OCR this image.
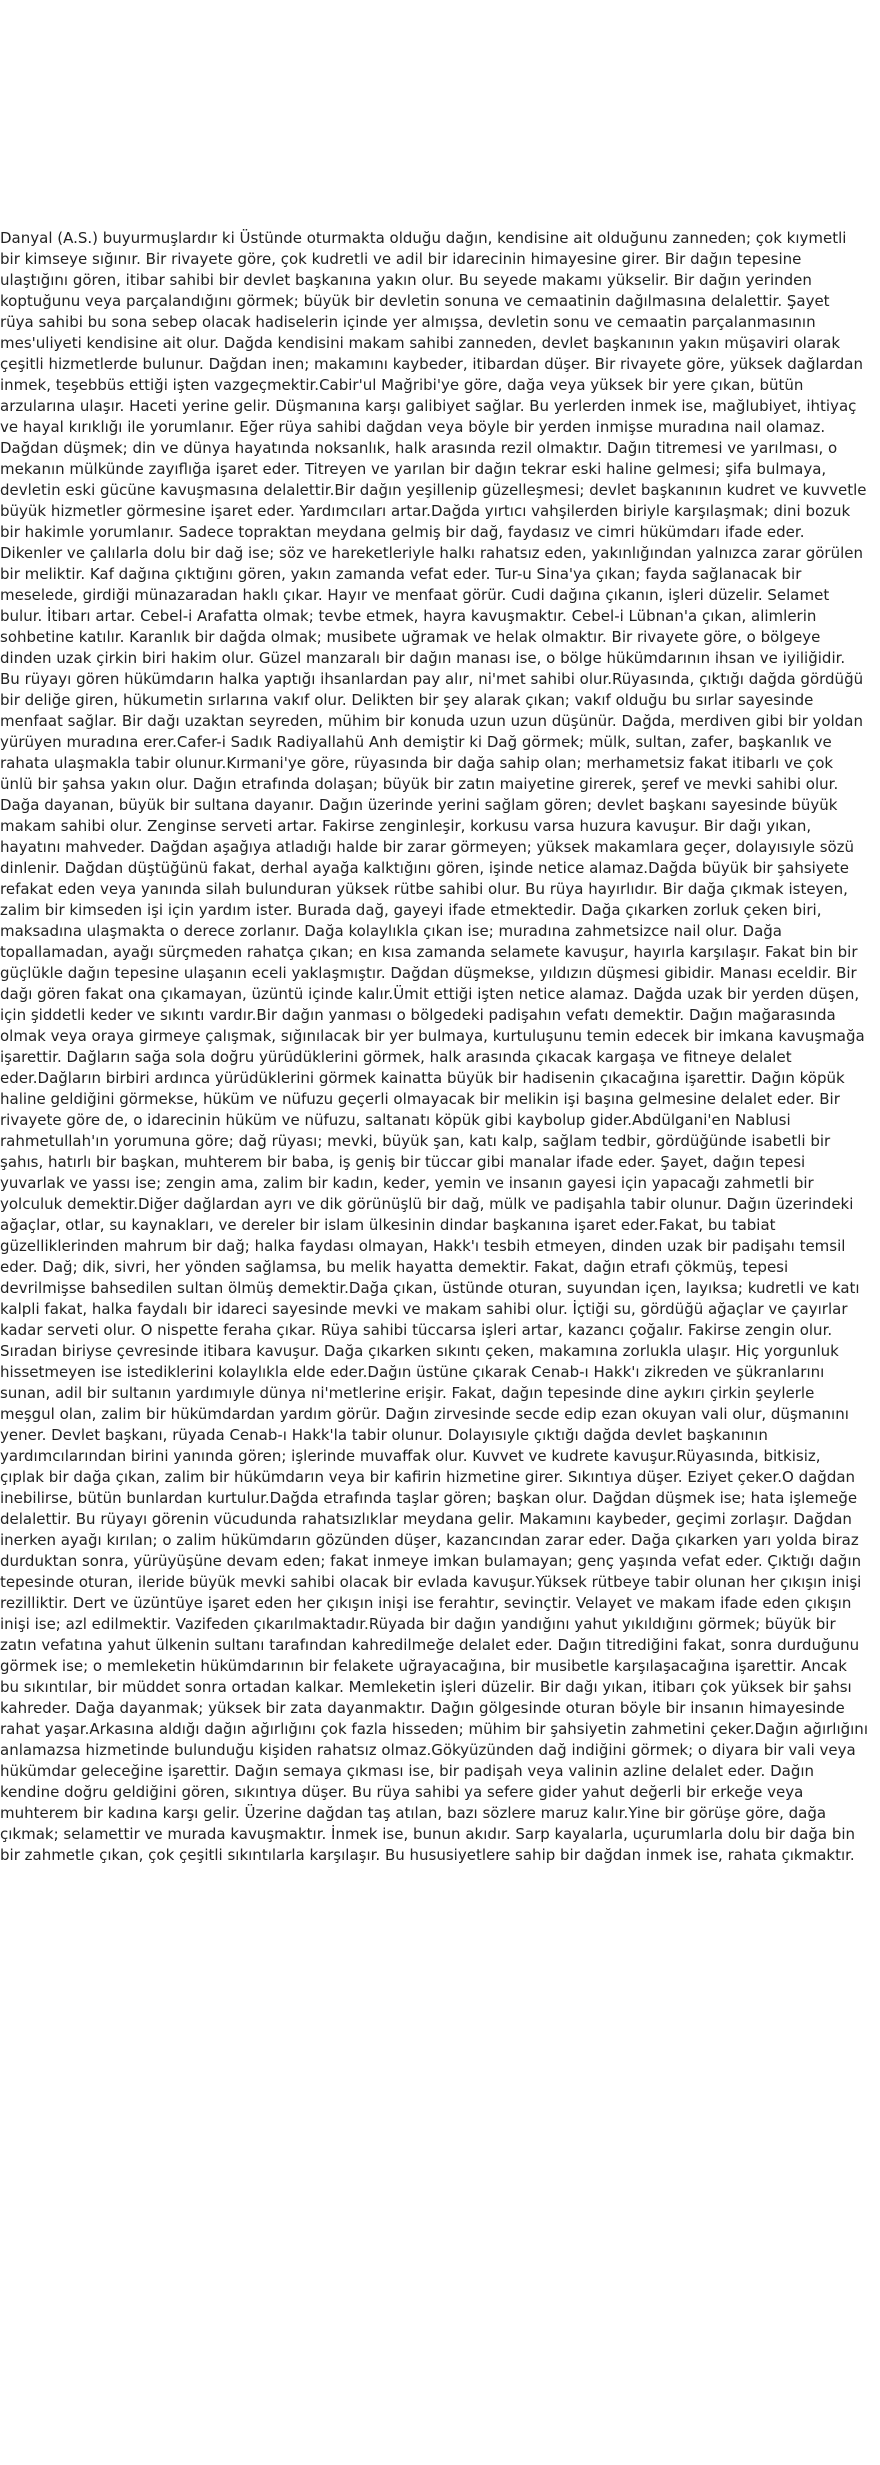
Danyal (A.S.) buyurmuşlardır ki Üstünde oturmakta olduğu dağın, kendisine ait olduğunu zanneden; çok kıymetli bir kimseye sığınır. Bir rivayete göre, çok kudretli ve adil bir idarecinin himayesine girer. Bir dağın tepesine ulaştığını gören, itibar sahibi bir devlet başkanına yakın olur. Bu seyede makamı yükselir. Bir dağın yerinden koptuğunu veya parçalandığını görmek; büyük bir devletin sonuna ve cemaatinin dağılmasına delalettir. Şayet rüya sahibi bu sona sebep olacak hadiselerin içinde yer almışsa, devletin sonu ve cemaatin parçalanmasının mes'uliyeti kendisine ait olur. Dağda kendisini makam sahibi zanneden, devlet başkanının yakın müşaviri olarak çeşitli hizmetlerde bulunur. Dağdan inen; makamını kaybeder, itibardan düşer. Bir rivayete göre, yüksek dağlardan inmek, teşebbüs ettiği işten vazgeçmektir.Cabir'ul Mağribi'ye göre, dağa veya yüksek bir yere çıkan, bütün arzularına ulaşır. Haceti yerine gelir. Düşmanına karşı galibiyet sağlar. Bu yerlerden inmek ise, mağlubiyet, ihtiyaç ve hayal kırıklığı ile yorumlanır. Eğer rüya sahibi dağdan veya böyle bir yerden inmişse muradına nail olamaz. Dağdan düşmek; din ve dünya hayatında noksanlık, halk arasında rezil olmaktır. Dağın titremesi ve yarılması, o mekanın mülkünde zayıflığa işaret eder. Titreyen ve yarılan bir dağın tekrar eski haline gelmesi; şifa bulmaya, devletin eski gücüne kavuşmasına delalettir.Bir dağın yeşillenip güzelleşmesi; devlet başkanının kudret ve kuvvetle büyük hizmetler görmesine işaret eder. Yardımcıları artar.Dağda yırtıcı vahşilerden biriyle karşılaşmak; dini bozuk bir hakimle yorumlanır. Sadece topraktan meydana gelmiş bir dağ, faydasız ve cimri hükümdarı ifade eder. Dikenler ve çalılarla dolu bir dağ ise; söz ve hareketleriyle halkı rahatsız eden, yakınlığından yalnızca zarar görülen bir meliktir. Kaf dağına çıktığını gören, yakın zamanda vefat eder. Tur-u Sina'ya çıkan; fayda sağlanacak bir meselede, girdiği münazaradan haklı çıkar. Hayır ve menfaat görür. Cudi dağına çıkanın, işleri düzelir. Selamet bulur. İtibarı artar. Cebel-i Arafatta olmak; tevbe etmek, hayra kavuşmaktır. Cebel-i Lübnan'a çıkan, alimlerin sohbetine katılır. Karanlık bir dağda olmak; musibete uğramak ve helak olmaktır. Bir rivayete göre, o bölgeye dinden uzak çirkin biri hakim olur. Güzel manzaralı bir dağın manası ise, o bölge hükümdarının ihsan ve iyiliğidir. Bu rüyayı gören hükümdarın halka yaptığı ihsanlardan pay alır, ni'met sahibi olur.Rüyasında, çıktığı dağda gördüğü bir deliğe giren, hükumetin sırlarına vakıf olur. Delikten bir şey alarak çıkan; vakıf olduğu bu sırlar sayesinde menfaat sağlar. Bir dağı uzaktan seyreden, mühim bir konuda uzun uzun düşünür. Dağda, merdiven gibi bir yoldan yürüyen muradına erer.Cafer-i Sadık Radiyallahü Anh demiştir ki Dağ görmek; mülk, sultan, zafer, başkanlık ve rahata ulaşmakla tabir olunur.Kırmani'ye göre, rüyasında bir dağa sahip olan; merhametsiz fakat itibarlı ve çok ünlü bir şahsa yakın olur. Dağın etrafında dolaşan; büyük bir zatın maiyetine girerek, şeref ve mevki sahibi olur. Dağa dayanan, büyük bir sultana dayanır. Dağın üzerinde yerini sağlam gören; devlet başkanı sayesinde büyük makam sahibi olur. Zenginse serveti artar. Fakirse zenginleşir, korkusu varsa huzura kavuşur. Bir dağı yıkan, hayatını mahveder. Dağdan aşağıya atladığı halde bir zarar görmeyen; yüksek makamlara geçer, dolayısıyle sözü dinlenir. Dağdan düştüğünü fakat, derhal ayağa kalktığını gören, işinde netice alamaz.Dağda büyük bir şahsiyete refakat eden veya yanında silah bulunduran yüksek rütbe sahibi olur. Bu rüya hayırlıdır. Bir dağa çıkmak isteyen, zalim bir kimseden işi için yardım ister. Burada dağ, gayeyi ifade etmektedir. Dağa çıkarken zorluk çeken biri, maksadına ulaşmakta o derece zorlanır. Dağa kolaylıkla çıkan ise; muradına zahmetsizce nail olur. Dağa topallamadan, ayağı sürçmeden rahatça çıkan; en kısa zamanda selamete kavuşur, hayırla karşılaşır. Fakat bin bir güçlükle dağın tepesine ulaşanın eceli yaklaşmıştır. Dağdan düşmekse, yıldızın düşmesi gibidir. Manası eceldir. Bir dağı gören fakat ona çıkamayan, üzüntü içinde kalır.Ümit ettiği işten netice alamaz. Dağda uzak bir yerden düşen, için şiddetli keder ve sıkıntı vardır.Bir dağın yanması o bölgedeki padişahın vefatı demektir. Dağın mağarasında olmak veya oraya girmeye çalışmak, sığınılacak bir yer bulmaya, kurtuluşunu temin edecek bir imkana kavuşmağa işarettir. Dağların sağa sola doğru yürüdüklerini görmek, halk arasında çıkacak kargaşa ve fitneye delalet eder.Dağların birbiri ardınca yürüdüklerini görmek kainatta büyük bir hadisenin çıkacağına işarettir. Dağın köpük haline geldiğini görmekse, hüküm ve nüfuzu geçerli olmayacak bir melikin işi başına gelmesine delalet eder. Bir rivayete göre de, o idarecinin hüküm ve nüfuzu, saltanatı köpük gibi kaybolup gider.Abdülgani'en Nablusi rahmetullah'ın yorumuna göre; dağ rüyası; mevki, büyük şan, katı kalp, sağlam tedbir, gördüğünde isabetli bir şahıs, hatırlı bir başkan, muhterem bir baba, iş geniş bir tüccar gibi manalar ifade eder. Şayet, dağın tepesi yuvarlak ve yassı ise; zengin ama, zalim bir kadın, keder, yemin ve insanın gayesi için yapacağı zahmetli bir yolculuk demektir.Diğer dağlardan ayrı ve dik görünüşlü bir dağ, mülk ve padişahla tabir olunur. Dağın üzerindeki ağaçlar, otlar, su kaynakları, ve dereler bir islam ülkesinin dindar başkanına işaret eder.Fakat, bu tabiat güzelliklerinden mahrum bir dağ; halka faydası olmayan, Hakk'ı tesbih etmeyen, dinden uzak bir padişahı temsil eder. Dağ; dik, sivri, her yönden sağlamsa, bu melik hayatta demektir. Fakat, dağın etrafı çökmüş, tepesi devrilmişse bahsedilen sultan ölmüş demektir.Dağa çıkan, üstünde oturan, suyundan içen, layıksa; kudretli ve katı kalpli fakat, halka faydalı bir idareci sayesinde mevki ve makam sahibi olur. İçtiği su, gördüğü ağaçlar ve çayırlar kadar serveti olur. O nispette feraha çıkar. Rüya sahibi tüccarsa işleri artar, kazancı çoğalır. Fakirse zengin olur. Sıradan biriyse çevresinde itibara kavuşur. Dağa çıkarken sıkıntı çeken, makamına zorlukla ulaşır. Hiç yorgunluk hissetmeyen ise istediklerini kolaylıkla elde eder.Dağın üstüne çıkarak Cenab-ı Hakk'ı zikreden ve şükranlarını sunan, adil bir sultanın yardımıyle dünya ni'metlerine erişir. Fakat, dağın tepesinde dine aykırı çirkin şeylerle meşgul olan, zalim bir hükümdardan yardım görür. Dağın zirvesinde secde edip ezan okuyan vali olur, düşmanını yener. Devlet başkanı, rüyada Cenab-ı Hakk'la tabir olunur. Dolayısıyle çıktığı dağda devlet başkanının yardımcılarından birini yanında gören; işlerinde muvaffak olur. Kuvvet ve kudrete kavuşur.Rüyasında, bitkisiz, çıplak bir dağa çıkan, zalim bir hükümdarın veya bir kafirin hizmetine girer. Sıkıntıya düşer. Eziyet çeker.O dağdan inebilirse, bütün bunlardan kurtulur.Dağda etrafında taşlar gören; başkan olur. Dağdan düşmek ise; hata işlemeğe delalettir. Bu rüyayı görenin vücudunda rahatsızlıklar meydana gelir. Makamını kaybeder, geçimi zorlaşır. Dağdan inerken ayağı kırılan; o zalim hükümdarın gözünden düşer, kazancından zarar eder. Dağa çıkarken yarı yolda biraz durduktan sonra, yürüyüşüne devam eden; fakat inmeye imkan bulamayan; genç yaşında vefat eder. Çıktığı dağın tepesinde oturan, ileride büyük mevki sahibi olacak bir evlada kavuşur.Yüksek rütbeye tabir olunan her çıkışın inişi rezilliktir. Dert ve üzüntüye işaret eden her çıkışın inişi ise ferahtır, sevinçtir. Velayet ve makam ifade eden çıkışın inişi ise; azl edilmektir. Vazifeden çıkarılmaktadır.Rüyada bir dağın yandığını yahut yıkıldığını görmek; büyük bir zatın vefatına yahut ülkenin sultanı tarafından kahredilmeğe delalet eder. Dağın titrediğini fakat, sonra durduğunu görmek ise; o memleketin hükümdarının bir felakete uğrayacağına, bir musibetle karşılaşacağına işarettir. Ancak bu sıkıntılar, bir müddet sonra ortadan kalkar. Memleketin işleri düzelir. Bir dağı yıkan, itibarı çok yüksek bir şahsı kahreder. Dağa dayanmak; yüksek bir zata dayanmaktır. Dağın gölgesinde oturan böyle bir insanın himayesinde rahat yaşar.Arkasına aldığı dağın ağırlığını çok fazla hisseden; mühim bir şahsiyetin zahmetini çeker.Dağın ağırlığını anlamazsa hizmetinde bulunduğu kişiden rahatsız olmaz.Gökyüzünden dağ indiğini görmek; o diyara bir vali veya hükümdar geleceğine işarettir. Dağın semaya çıkması ise, bir padişah veya valinin azline delalet eder. Dağın kendine doğru geldiğini gören, sıkıntıya düşer. Bu rüya sahibi ya sefere gider yahut değerli bir erkeğe veya muhterem bir kadına karşı gelir. Üzerine dağdan taş atılan, bazı sözlere maruz kalır.Yine bir görüşe göre, dağa çıkmak; selamettir ve murada kavuşmaktır. İnmek ise, bunun akıdır. Sarp kayalarla, uçurumlarla dolu bir dağa bin bir zahmetle çıkan, çok çeşitli sıkıntılarla karşılaşır. Bu hususiyetlere sahip bir dağdan inmek ise, rahata çıkmaktır.
